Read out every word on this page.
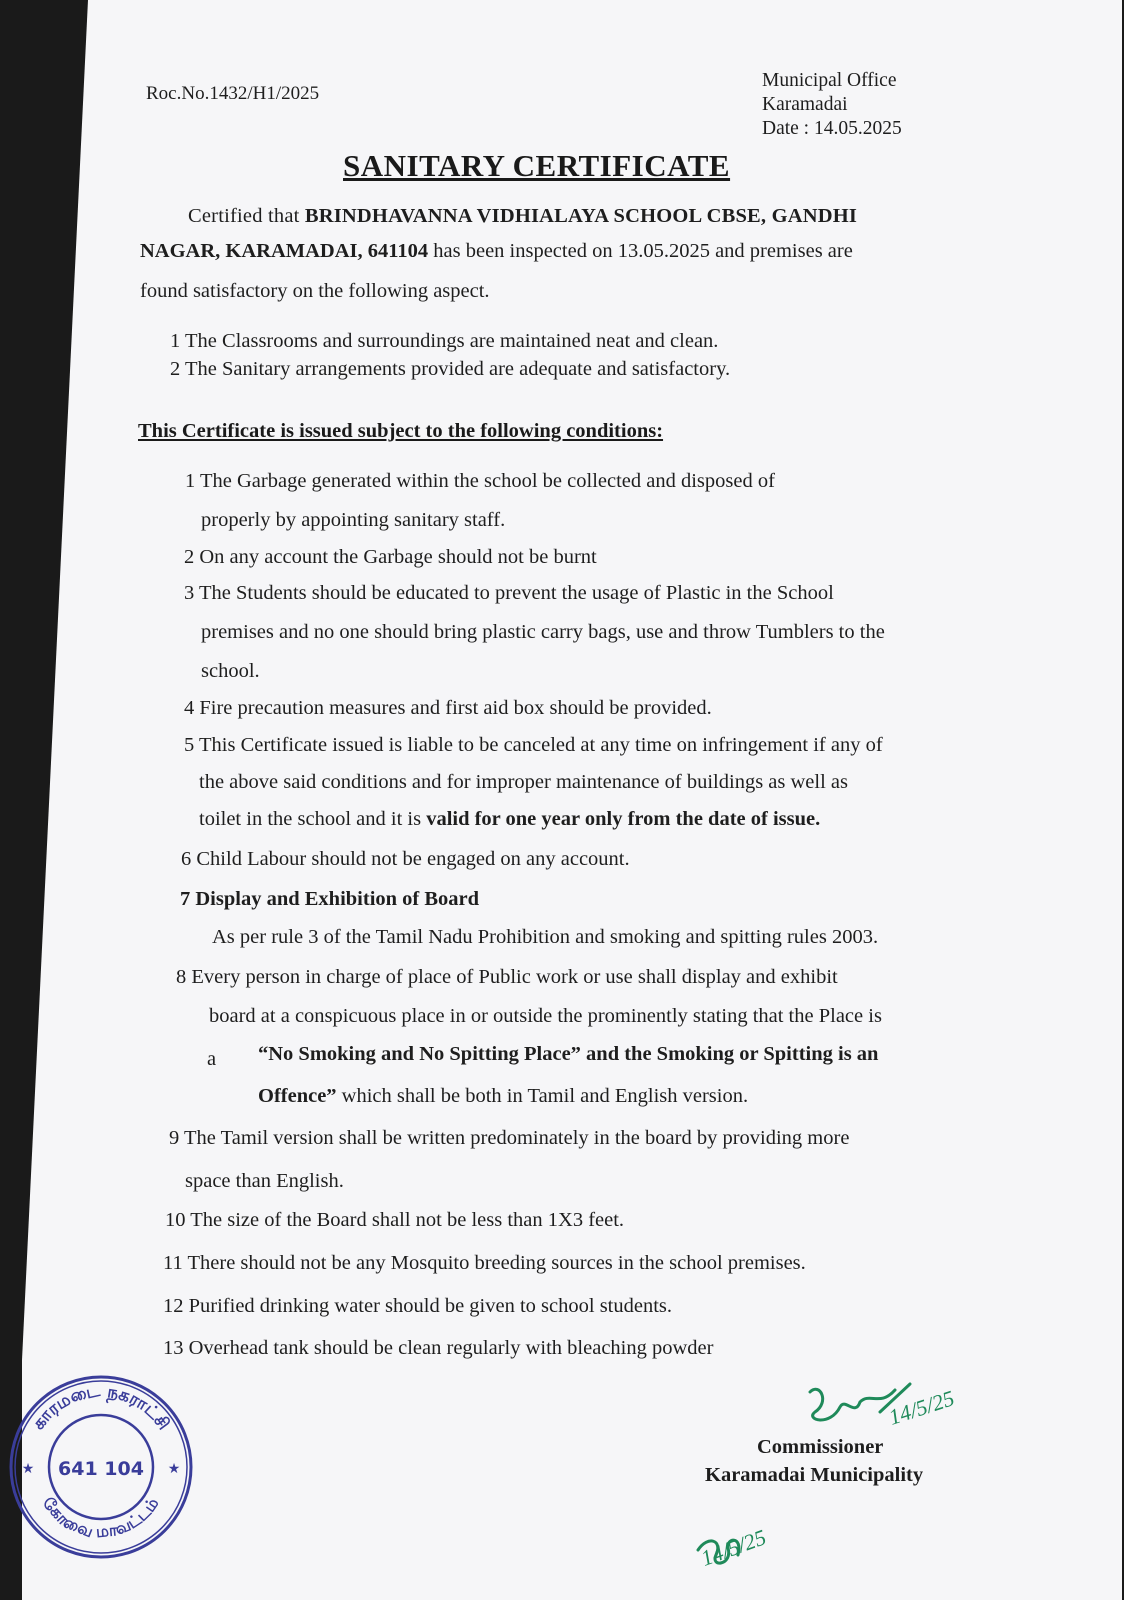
Roc.No.1432/H1/2025
Municipal Office
Karamadai
Date : 14.05.2025
SANITARY CERTIFICATE
Certified that BRINDHAVANNA VIDHIALAYA SCHOOL CBSE, GANDHI
NAGAR, KARAMADAI, 641104 has been inspected on 13.05.2025 and premises are
found satisfactory on the following aspect.
1 The Classrooms and surroundings are maintained neat and clean.
2 The Sanitary arrangements provided are adequate and satisfactory.
This Certificate is issued subject to the following conditions:
1 The Garbage generated within the school be collected and disposed of
properly by appointing sanitary staff.
2 On any account the Garbage should not be burnt
3 The Students should be educated to prevent the usage of Plastic in the School
premises and no one should bring plastic carry bags, use and throw Tumblers to the
school.
4 Fire precaution measures and first aid box should be provided.
5 This Certificate issued is liable to be canceled at any time on infringement if any of
the above said conditions and for improper maintenance of buildings as well as
toilet in the school and it is valid for one year only from the date of issue.
6 Child Labour should not be engaged on any account.
7 Display and Exhibition of Board
As per rule 3 of the Tamil Nadu Prohibition and smoking and spitting rules 2003.
8 Every person in charge of place of Public work or use shall display and exhibit
board at a conspicuous place in or outside the prominently stating that the Place is
a “No Smoking and No Spitting Place” and the Smoking or Spitting is an
Offence” which shall be both in Tamil and English version.
9 The Tamil version shall be written predominately in the board by providing more
space than English.
10 The size of the Board shall not be less than 1X3 feet.
11 There should not be any Mosquito breeding sources in the school premises.
12 Purified drinking water should be given to school students.
13 Overhead tank should be clean regularly with bleaching powder
14/5/25
Commissioner
Karamadai Municipality
14/5/25
காரமடை நகராட்சி
கோவை மாவட்டம்
641 104
★	★
